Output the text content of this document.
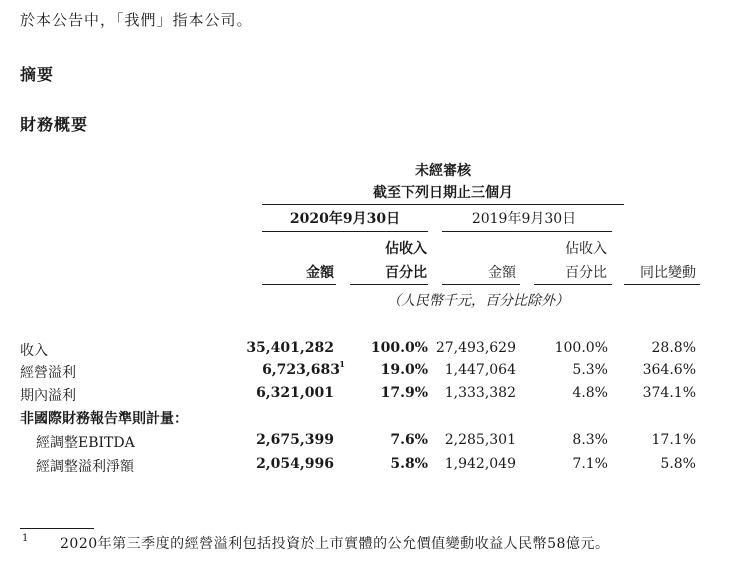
於本公告中，「我們」指本公司。
摘要
財務概要
未經審核
截至下列日期止三個月
2020年9月30日	2019年9月30日
佔收入	佔收入
金額	百分比	金額	百分比 同比變動
（人民幣千元，百分比除外）
收入	35,401,282	100.0% 27,493,629	100.0%	28.8%
經營溢利	6,723,683 1	19.0% 1,447,064	5.3% 364.6%
期內溢利	6,321,001	17.9% 1,333,382	4.8% 374.1%
非國際財務報告準則計量：
經調整EBITDA	2,675,399	7.6% 2,285,301	8.3%	17.1%
經調整溢利淨額	2,054,996	5.8% 1,942,049	7.1%	5.8%
1 2020年第三季度的經營溢利包括投資於上市實體的公允價值變動收益人民幣58億元。
